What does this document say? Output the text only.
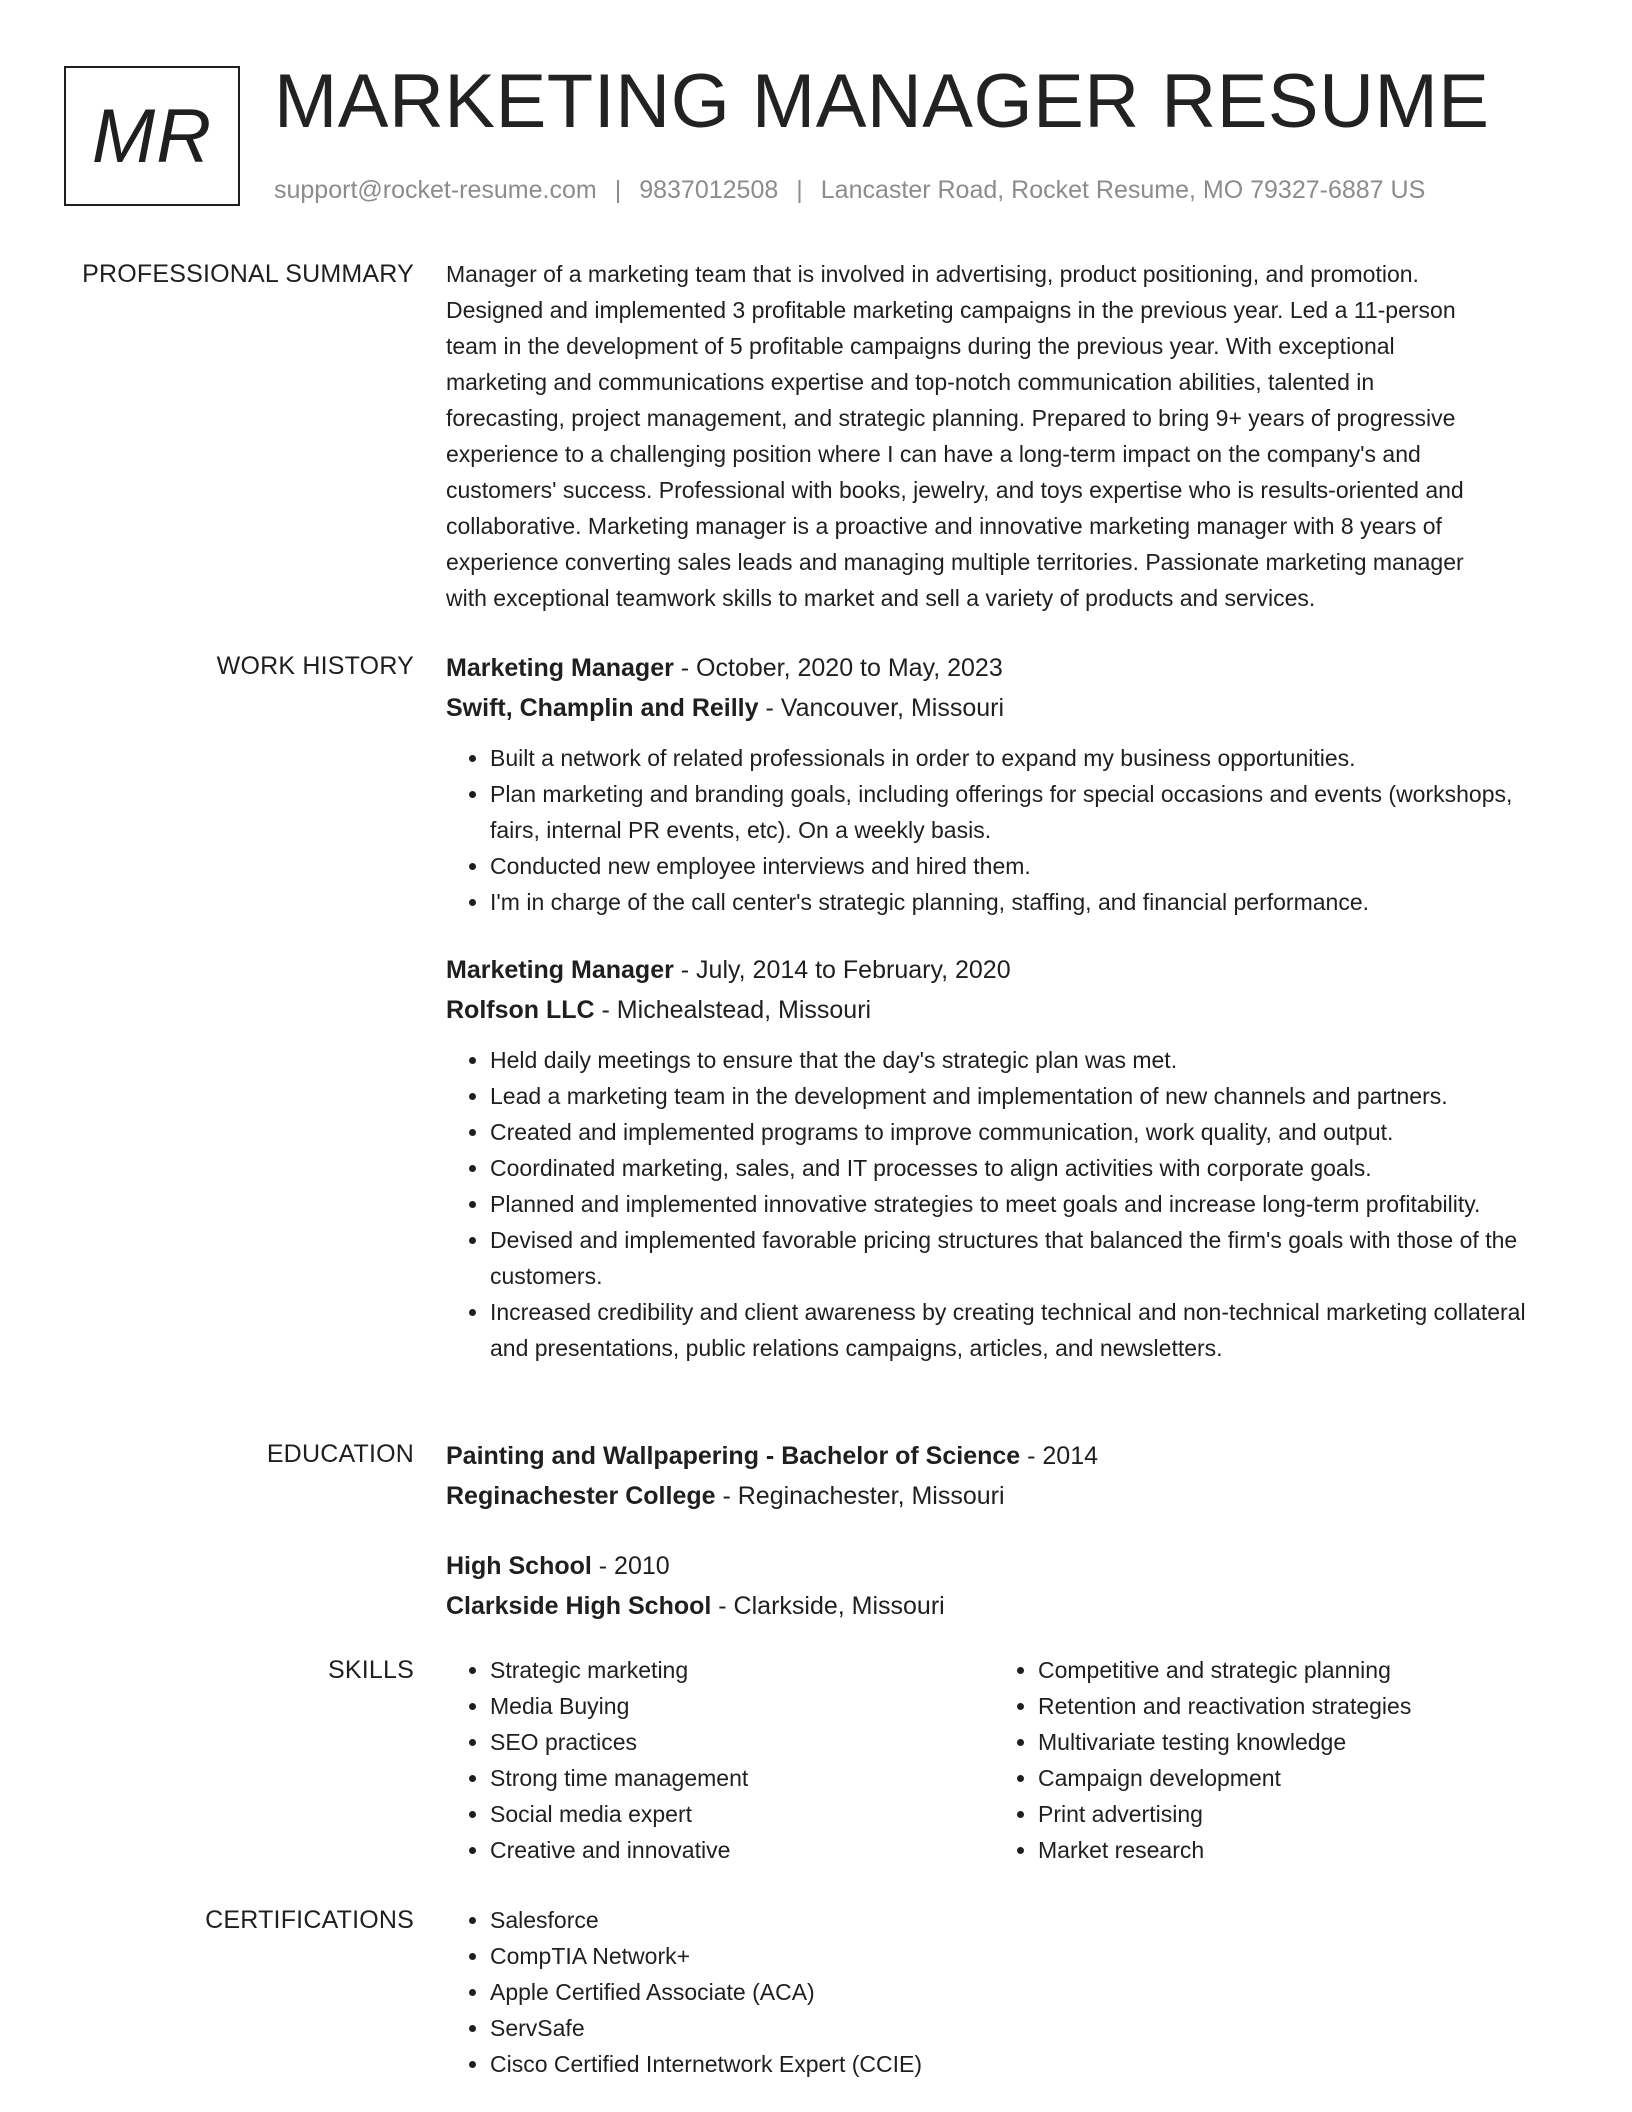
MR MARKETING MANAGER RESUME
support@rocket-resume.com | 9837012508 | Lancaster Road, Rocket Resume, MO 79327-6887 US
PROFESSIONAL SUMMARY Manager of a marketing team that is involved in advertising, product positioning, and promotion.
Designed and implemented 3 profitable marketing campaigns in the previous year. Led a 11-person
team in the development of 5 profitable campaigns during the previous year. With exceptional
marketing and communications expertise and top-notch communication abilities, talented in
forecasting, project management, and strategic planning. Prepared to bring 9+ years of progressive
experience to a challenging position where I can have a long-term impact on the company's and
customers' success. Professional with books, jewelry, and toys expertise who is results-oriented and
collaborative. Marketing manager is a proactive and innovative marketing manager with 8 years of
experience converting sales leads and managing multiple territories. Passionate marketing manager
with exceptional teamwork skills to market and sell a variety of products and services.
WORK HISTORY Marketing Manager - October, 2020 to May, 2023
Swift, Champlin and Reilly - Vancouver, Missouri
• Built a network of related professionals in order to expand my business opportunities.
• Plan marketing and branding goals, including offerings for special occasions and events (workshops, fairs, internal PR events, etc). On a weekly basis.
• Conducted new employee interviews and hired them.
• I'm in charge of the call center's strategic planning, staffing, and financial performance.
Marketing Manager - July, 2014 to February, 2020
Rolfson LLC - Michealstead, Missouri
• Held daily meetings to ensure that the day's strategic plan was met.
• Lead a marketing team in the development and implementation of new channels and partners.
• Created and implemented programs to improve communication, work quality, and output.
• Coordinated marketing, sales, and IT processes to align activities with corporate goals.
• Planned and implemented innovative strategies to meet goals and increase long-term profitability.
• Devised and implemented favorable pricing structures that balanced the firm's goals with those of the customers.
• Increased credibility and client awareness by creating technical and non-technical marketing collateral and presentations, public relations campaigns, articles, and newsletters.
EDUCATION Painting and Wallpapering - Bachelor of Science - 2014
Reginachester College - Reginachester, Missouri
High School - 2010
Clarkside High School - Clarkside, Missouri
SKILLS	• Strategic marketing
• Media Buying
• SEO practices
• Strong time management
• Social media expert
• Creative and innovative
• Competitive and strategic planning
• Retention and reactivation strategies
• Multivariate testing knowledge
• Campaign development
• Print advertising
• Market research
CERTIFICATIONS	• Salesforce
• CompTIA Network+
• Apple Certified Associate (ACA)
• ServSafe
• Cisco Certified Internetwork Expert (CCIE)
